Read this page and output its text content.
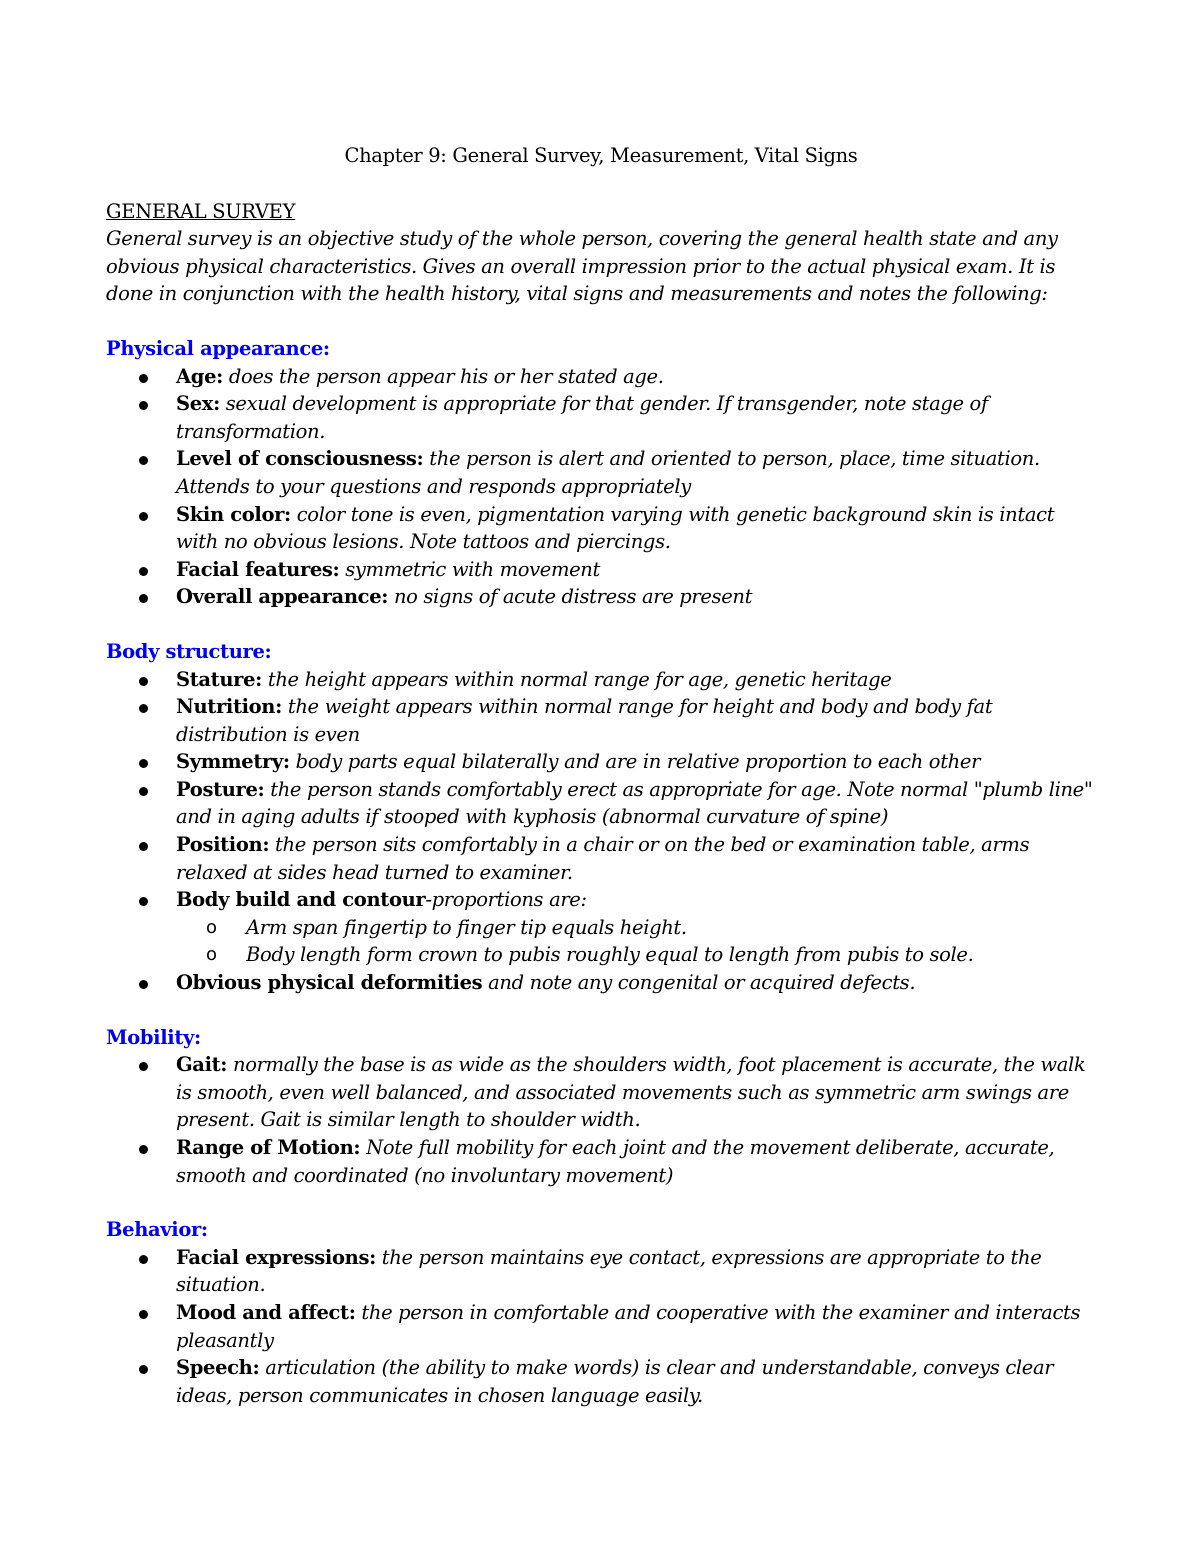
Chapter 9: General Survey, Measurement, Vital Signs
GENERAL SURVEY

General survey is an objective study of the whole person, covering the general health state and any obvious physical characteristics. Gives an overall impression prior to the actual physical exam. It is done in conjunction with the health history, vital signs and measurements and notes the following:

Physical appearance:
Age: does the person appear his or her stated age.
Sex: sexual development is appropriate for that gender. If transgender, note stage of transformation.
Level of consciousness: the person is alert and oriented to person, place, time situation. Attends to your questions and responds appropriately
Skin color: color tone is even, pigmentation varying with genetic background skin is intact with no obvious lesions. Note tattoos and piercings.
Facial features: symmetric with movement
Overall appearance: no signs of acute distress are present
Body structure:
Stature: the height appears within normal range for age, genetic heritage
Nutrition: the weight appears within normal range for height and body and body fat distribution is even
Symmetry: body parts equal bilaterally and are in relative proportion to each other
Posture: the person stands comfortably erect as appropriate for age. Note normal "plumb line" and in aging adults if stooped with kyphosis (abnormal curvature of spine)
Position: the person sits comfortably in a chair or on the bed or examination table, arms relaxed at sides head turned to examiner.
Body build and contour-proportions are:
o Arm span fingertip to finger tip equals height.
o Body length form crown to pubis roughly equal to length from pubis to sole.
Obvious physical deformities and note any congenital or acquired defects.
Mobility:
Gait: normally the base is as wide as the shoulders width, foot placement is accurate, the walk is smooth, even well balanced, and associated movements such as symmetric arm swings are present. Gait is similar length to shoulder width.
Range of Motion: Note full mobility for each joint and the movement deliberate, accurate, smooth and coordinated (no involuntary movement)
Behavior:
Facial expressions: the person maintains eye contact, expressions are appropriate to the situation.
Mood and affect: the person in comfortable and cooperative with the examiner and interacts pleasantly
Speech: articulation (the ability to make words) is clear and understandable, conveys clear ideas, person communicates in chosen language easily.
